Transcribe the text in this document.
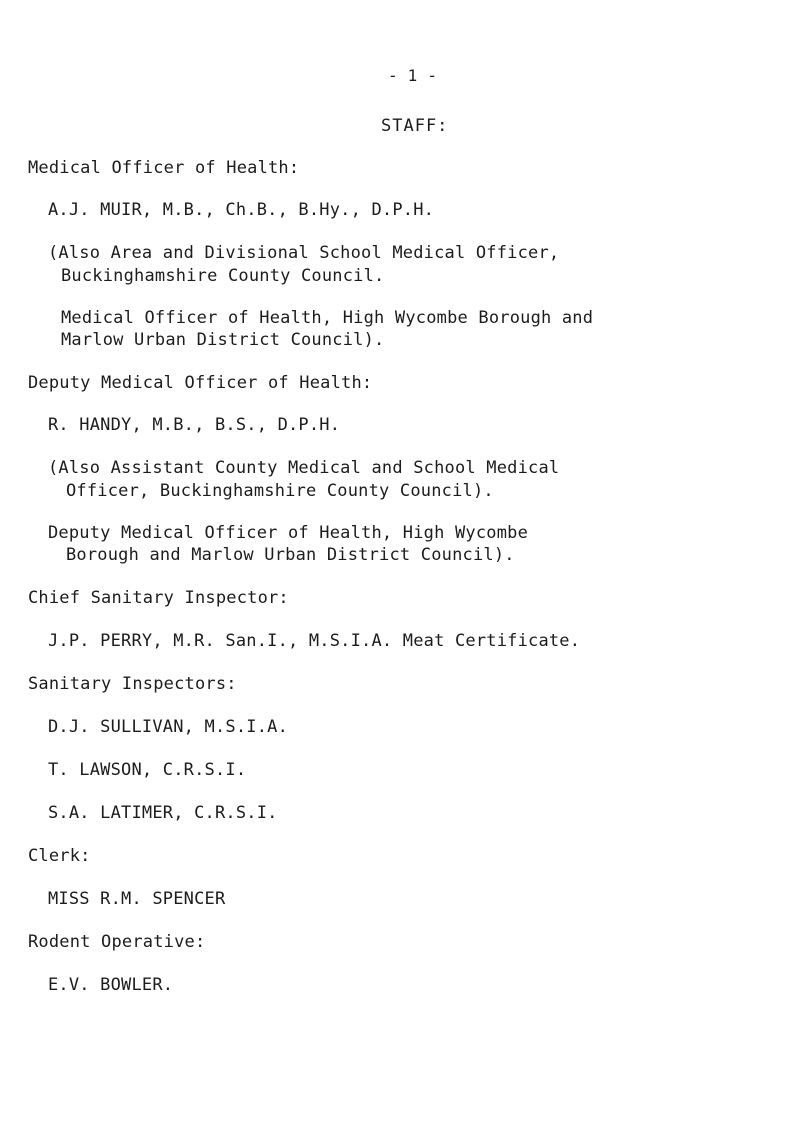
- 1 -
STAFF:
Medical Officer of Health:
A.J. MUIR, M.B., Ch.B., B.Hy., D.P.H.
(Also Area and Divisional School Medical Officer,
Buckinghamshire County Council.
Medical Officer of Health, High Wycombe Borough and
Marlow Urban District Council).
Deputy Medical Officer of Health:
R. HANDY, M.B., B.S., D.P.H.
(Also Assistant County Medical and School Medical
Officer, Buckinghamshire County Council).
Deputy Medical Officer of Health, High Wycombe
Borough and Marlow Urban District Council).
Chief Sanitary Inspector:
J.P. PERRY, M.R. San.I., M.S.I.A. Meat Certificate.
Sanitary Inspectors:
D.J. SULLIVAN, M.S.I.A.
T. LAWSON, C.R.S.I.
S.A. LATIMER, C.R.S.I.
Clerk:
MISS R.M. SPENCER
Rodent Operative:
E.V. BOWLER.
